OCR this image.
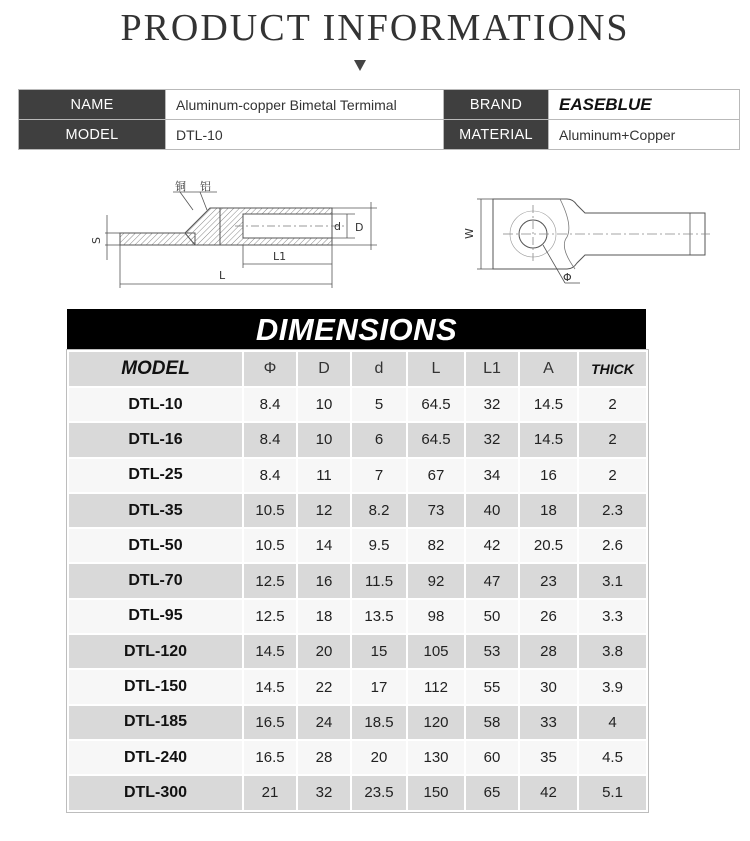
PRODUCT INFORMATIONS
NAME	Aluminum-copper Bimetal Termimal	BRAND	EASEBLUE
MODEL	DTL-10	MATERIAL	Aluminum+Copper
铜 铝
S
d D
L1
L
W
Φ
DIMENSIONS
MODEL	Φ	D	d	L	L1	A	THICK
DTL-10	8.4	10	5	64.5	32	14.5	2
DTL-16	8.4	10	6	64.5	32	14.5	2
DTL-25	8.4	11	7	67	34	16	2
DTL-35	10.5	12	8.2	73	40	18	2.3
DTL-50	10.5	14	9.5	82	42	20.5	2.6
DTL-70	12.5	16	11.5	92	47	23	3.1
DTL-95	12.5	18	13.5	98	50	26	3.3
DTL-120	14.5	20	15	105	53	28	3.8
DTL-150	14.5	22	17	112	55	30	3.9
DTL-185	16.5	24	18.5	120	58	33	4
DTL-240	16.5	28	20	130	60	35	4.5
DTL-300	21	32	23.5	150	65	42	5.1
